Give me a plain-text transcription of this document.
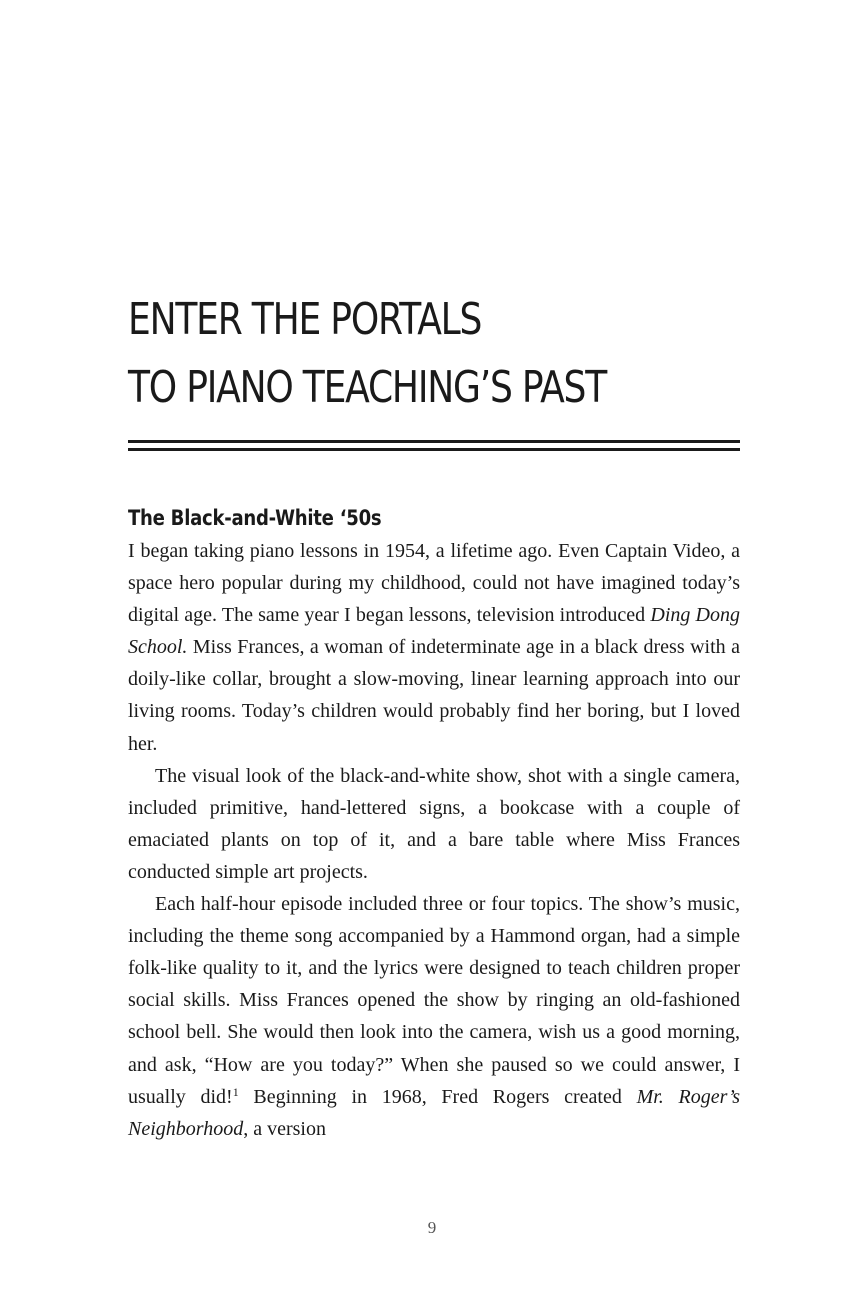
ENTER THE PORTALS
TO PIANO TEACHING’S PAST
The Black-and-White ‘50s

I began taking piano lessons in 1954, a lifetime ago. Even Captain Video, a space hero popular during my childhood, could not have imagined today’s digital age. The same year I began lessons, television introduced Ding Dong School. Miss Frances, a woman of indeterminate age in a black dress with a doily-like collar, brought a slow-moving, linear learning approach into our living rooms. Today’s children would probably find her boring, but I loved her.

The visual look of the black-and-white show, shot with a single camera, included primitive, hand-lettered signs, a bookcase with a couple of emaciated plants on top of it, and a bare table where Miss Frances conducted simple art projects.

Each half-hour episode included three or four topics. The show’s music, including the theme song accompanied by a Hammond organ, had a simple folk-like quality to it, and the lyrics were designed to teach children proper social skills. Miss Frances opened the show by ringing an old-fashioned school bell. She would then look into the camera, wish us a good morning, and ask, “How are you today?” When she paused so we could answer, I usually did!$^1$ Beginning in 1968, Fred Rogers created Mr. Roger’s Neighborhood, a version

9
